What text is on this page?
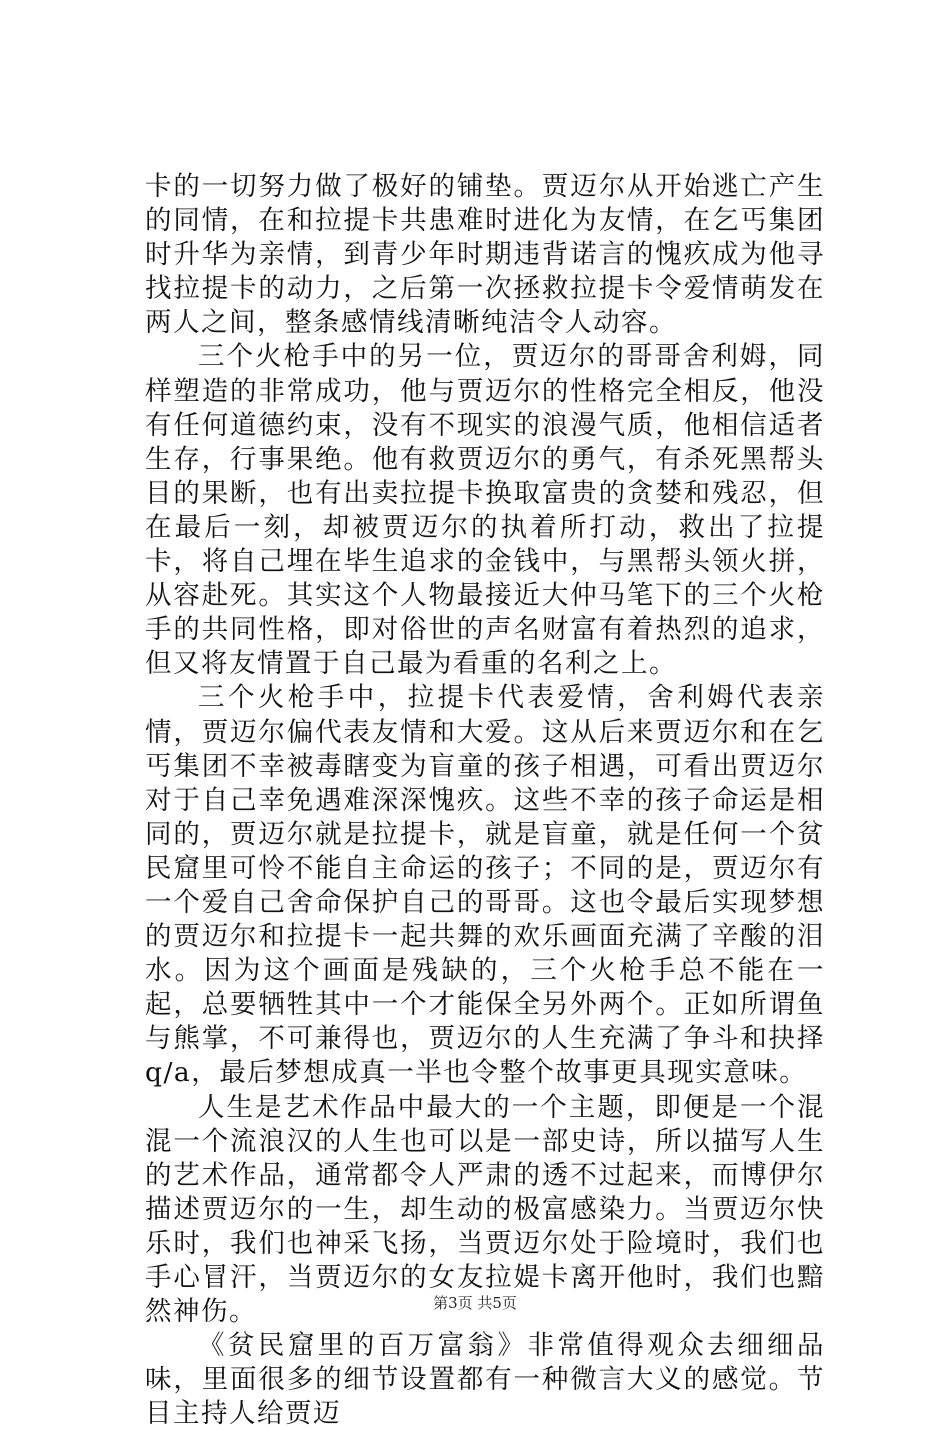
卡的一切努力做了极好的铺垫。贾迈尔从开始逃亡产生的同情，在和拉提卡共患难时进化为友情，在乞丐集团时升华为亲情，到青少年时期违背诺言的愧疚成为他寻找拉提卡的动力，之后第一次拯救拉提卡令爱情萌发在两人之间，整条感情线清晰纯洁令人动容。

三个火枪手中的另一位，贾迈尔的哥哥舍利姆，同样塑造的非常成功，他与贾迈尔的性格完全相反，他没有任何道德约束，没有不现实的浪漫气质，他相信适者生存，行事果绝。他有救贾迈尔的勇气，有杀死黑帮头目的果断，也有出卖拉提卡换取富贵的贪婪和残忍，但在最后一刻，却被贾迈尔的执着所打动，救出了拉提卡，将自己埋在毕生追求的金钱中，与黑帮头领火拼，从容赴死。其实这个人物最接近大仲马笔下的三个火枪手的共同性格，即对俗世的声名财富有着热烈的追求，但又将友情置于自己最为看重的名利之上。

三个火枪手中，拉提卡代表爱情，舍利姆代表亲情，贾迈尔偏代表友情和大爱。这从后来贾迈尔和在乞丐集团不幸被毒瞎变为盲童的孩子相遇，可看出贾迈尔对于自己幸免遇难深深愧疚。这些不幸的孩子命运是相同的，贾迈尔就是拉提卡，就是盲童，就是任何一个贫民窟里可怜不能自主命运的孩子；不同的是，贾迈尔有一个爱自己舍命保护自己的哥哥。这也令最后实现梦想的贾迈尔和拉提卡一起共舞的欢乐画面充满了辛酸的泪水。因为这个画面是残缺的，三个火枪手总不能在一起，总要牺牲其中一个才能保全另外两个。正如所谓鱼与熊掌，不可兼得也，贾迈尔的人生充满了争斗和抉择q/a，最后梦想成真一半也令整个故事更具现实意味。

人生是艺术作品中最大的一个主题，即便是一个混混一个流浪汉的人生也可以是一部史诗，所以描写人生的艺术作品，通常都令人严肃的透不过起来，而博伊尔描述贾迈尔的一生，却生动的极富感染力。当贾迈尔快乐时，我们也神采飞扬，当贾迈尔处于险境时，我们也手心冒汗，当贾迈尔的女友拉媞卡离开他时，我们也黯然神伤。

《贫民窟里的百万富翁》非常值得观众去细细品味，里面很多的细节设置都有一种微言大义的感觉。节目主持人给贾迈

第3页 共5页
